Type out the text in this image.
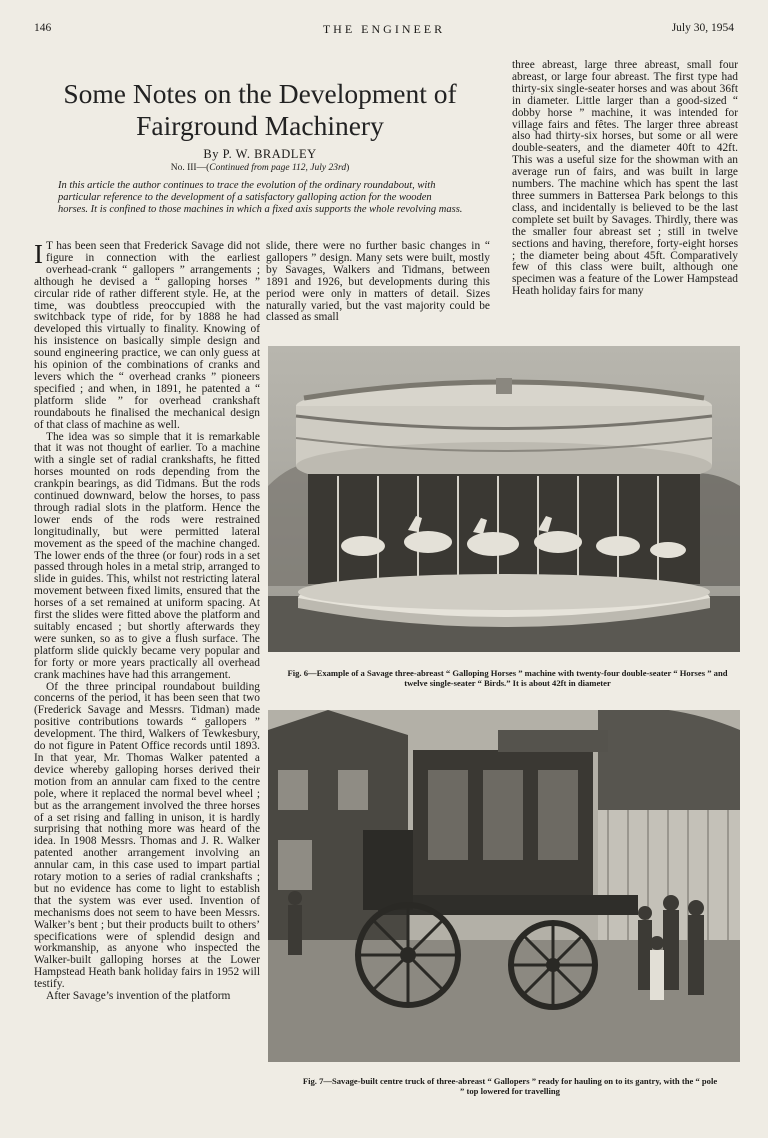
146	THE ENGINEER	July 30, 1954
Some Notes on the Development of Fairground Machinery
By P. W. BRADLEY
No. III—(Continued from page 112, July 23rd)
In this article the author continues to trace the evolution of the ordinary roundabout, with particular reference to the development of a satisfactory galloping action for the wooden horses. It is confined to those machines in which a fixed axis supports the whole revolving mass.

I T has been seen that Frederick Savage did not figure in connection with the earliest overhead-crank “ gallopers ” arrangements ; although he devised a “ galloping horses ” circular ride of rather different style. He, at the time, was doubtless preoccupied with the switchback type of ride, for by 1888 he had developed this virtually to finality. Knowing of his insistence on basically simple design and sound engineering practice, we can only guess at his opinion of the combinations of cranks and levers which the “ overhead cranks ” pioneers specified ; and when, in 1891, he patented a “ platform slide ” for overhead crankshaft roundabouts he finalised the mechanical design of that class of machine as well.

The idea was so simple that it is remarkable that it was not thought of earlier. To a machine with a single set of radial crankshafts, he fitted horses mounted on rods depending from the crankpin bearings, as did Tidmans. But the rods continued downward, below the horses, to pass through radial slots in the platform. Hence the lower ends of the rods were restrained longitudinally, but were permitted lateral movement as the speed of the machine changed. The lower ends of the three (or four) rods in a set passed through holes in a metal strip, arranged to slide in guides. This, whilst not restricting lateral movement between fixed limits, ensured that the horses of a set remained at uniform spacing. At first the slides were fitted above the platform and suitably encased ; but shortly afterwards they were sunken, so as to give a flush surface. The platform slide quickly became very popular and for forty or more years practically all overhead crank machines have had this arrangement.

Of the three principal roundabout building concerns of the period, it has been seen that two (Frederick Savage and Messrs. Tidman) made positive contributions towards “ gallopers ” development. The third, Walkers of Tewkesbury, do not figure in Patent Office records until 1893. In that year, Mr. Thomas Walker patented a device whereby galloping horses derived their motion from an annular cam fixed to the centre pole, where it replaced the normal bevel wheel ; but as the arrangement involved the three horses of a set rising and falling in unison, it is hardly surprising that nothing more was heard of the idea. In 1908 Messrs. Thomas and J. R. Walker patented another arrangement involving an annular cam, in this case used to impart partial rotary motion to a series of radial crankshafts ; but no evidence has come to light to establish that the system was ever used. Invention of mechanisms does not seem to have been Messrs. Walker’s bent ; but their products built to others’ specifications were of splendid design and workmanship, as anyone who inspected the Walker-built galloping horses at the Lower Hampstead Heath bank holiday fairs in 1952 will testify.

After Savage’s invention of the platform

slide, there were no further basic changes in “ gallopers ” design. Many sets were built, mostly by Savages, Walkers and Tidmans, between 1891 and 1926, but developments during this period were only in matters of detail. Sizes naturally varied, but the vast majority could be classed as small

three abreast, large three abreast, small four abreast, or large four abreast. The first type had thirty-six single-seater horses and was about 36ft in diameter. Little larger than a good-sized “ dobby horse ” machine, it was intended for village fairs and fêtes. The larger three abreast also had thirty-six horses, but some or all were double-seaters, and the diameter 40ft to 42ft. This was a useful size for the showman with an average run of fairs, and was built in large numbers. The machine which has spent the last three summers in Battersea Park belongs to this class, and incidentally is believed to be the last complete set built by Savages. Thirdly, there was the smaller four abreast set ; still in twelve sections and having, therefore, forty-eight horses ; the diameter being about 45ft. Comparatively few of this class were built, although one specimen was a feature of the Lower Hampstead Heath holiday fairs for many

Fig. 6—Example of a Savage three-abreast “ Galloping Horses ” machine with twenty-four double-seater “ Horses ” and twelve single-seater “ Birds.” It is about 42ft in diameter
Fig. 7—Savage-built centre truck of three-abreast “ Gallopers ” ready for hauling on to its gantry, with the “ pole ” top lowered for travelling
